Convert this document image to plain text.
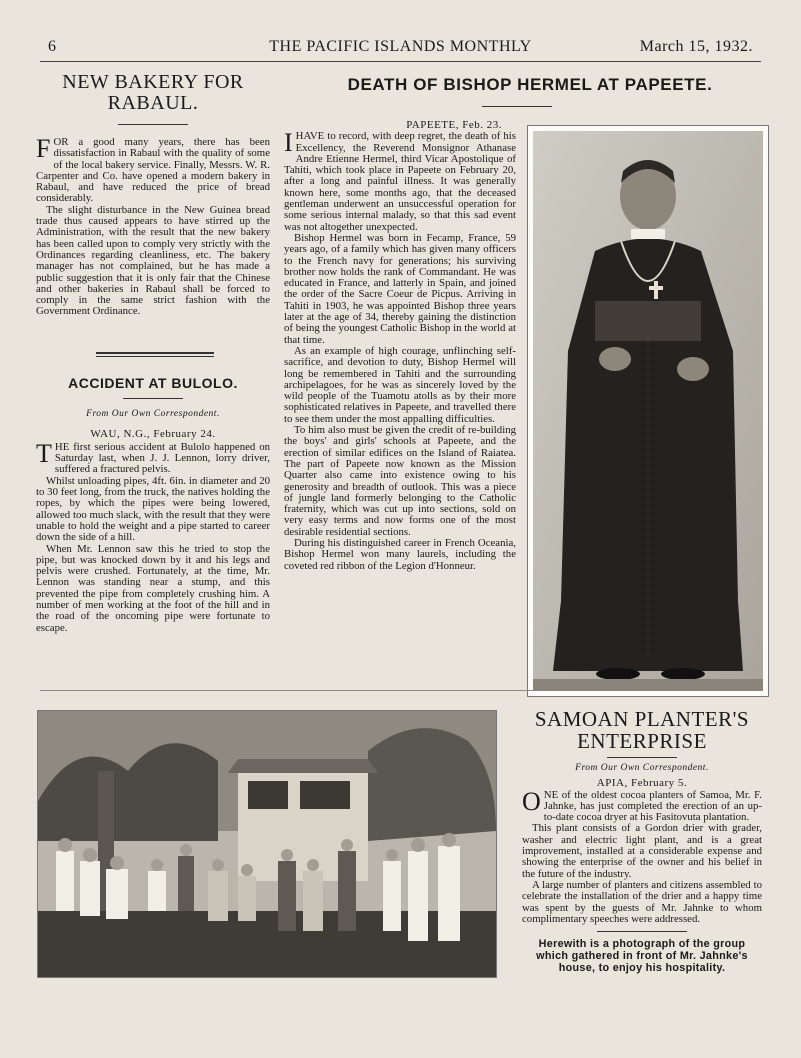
6	THE PACIFIC ISLANDS MONTHLY	March 15, 1932.
NEW BAKERY FOR
RABAUL.

FOR a good many years, there has been dissatisfaction in Rabaul with the quality of some of the local bakery service. Finally, Messrs. W. R. Carpenter and Co. have opened a modern bakery in Rabaul, and have reduced the price of bread considerably.

The slight disturbance in the New Guinea bread trade thus caused appears to have stirred up the Administration, with the result that the new bakery has been called upon to comply very strictly with the Ordinances regarding cleanliness, etc. The bakery manager has not complained, but he has made a public suggestion that it is only fair that the Chinese and other bakeries in Rabaul shall be forced to comply in the same strict fashion with the Government Ordinance.

ACCIDENT AT BULOLO.
From Our Own Correspondent.
WAU, N.G., February 24.

THE first serious accident at Bulolo happened on Saturday last, when J. J. Lennon, lorry driver, suffered a fractured pelvis.

Whilst unloading pipes, 4ft. 6in. in diameter and 20 to 30 feet long, from the truck, the natives holding the ropes, by which the pipes were being lowered, allowed too much slack, with the result that they were unable to hold the weight and a pipe started to career down the side of a hill.

When Mr. Lennon saw this he tried to stop the pipe, but was knocked down by it and his legs and pelvis were crushed. Fortunately, at the time, Mr. Lennon was standing near a stump, and this prevented the pipe from completely crushing him. A number of men working at the foot of the hill and in the road of the oncoming pipe were fortunate to escape.

DEATH OF BISHOP HERMEL AT PAPEETE.
PAPEETE, Feb. 23.

IHAVE to record, with deep regret, the death of his Excellency, the Reverend Monsignor Athanase Andre Etienne Hermel, third Vicar Apostolique of Tahiti, which took place in Papeete on February 20, after a long and painful illness. It was generally known here, some months ago, that the deceased gentleman underwent an unsuccessful operation for some serious internal malady, so that this sad event was not altogether unexpected.

Bishop Hermel was born in Fecamp, France, 59 years ago, of a family which has given many officers to the French navy for generations; his surviving brother now holds the rank of Commandant. He was educated in France, and latterly in Spain, and joined the order of the Sacre Coeur de Picpus. Arriving in Tahiti in 1903, he was appointed Bishop three years later at the age of 34, thereby gaining the distinction of being the youngest Catholic Bishop in the world at that time.

As an example of high courage, unflinching self-sacrifice, and devotion to duty, Bishop Hermel will long be remembered in Tahiti and the surrounding archipelagoes, for he was as sincerely loved by the wild people of the Tuamotu atolls as by their more sophisticated relatives in Papeete, and travelled there to see them under the most appalling difficulties.

To him also must be given the credit of re-building the boys' and girls' schools at Papeete, and the erection of similar edifices on the Island of Raiatea. The part of Papeete now known as the Mission Quarter also came into existence owing to his generosity and breadth of outlook. This was a piece of jungle land formerly belonging to the Catholic fraternity, which was cut up into sections, sold on very easy terms and now forms one of the most desirable residential sections.

During his distinguished career in French Oceania, Bishop Hermel won many laurels, including the coveted red ribbon of the Legion d'Honneur.

SAMOAN PLANTER'S
ENTERPRISE
From Our Own Correspondent.
APIA, February 5.

ONE of the oldest cocoa planters of Samoa, Mr. F. Jahnke, has just completed the erection of an up-to-date cocoa dryer at his Fasitovuta plantation.

This plant consists of a Gordon drier with grader, washer and electric light plant, and is a great improvement, installed at a considerable expense and showing the enterprise of the owner and his belief in the future of the industry.

A large number of planters and citizens assembled to celebrate the installation of the drier and a happy time was spent by the guests of Mr. Jahnke to whom complimentary speeches were addressed.

Herewith is a photograph of the group which gathered in front of Mr. Jahnke's house, to enjoy his hospitality.
